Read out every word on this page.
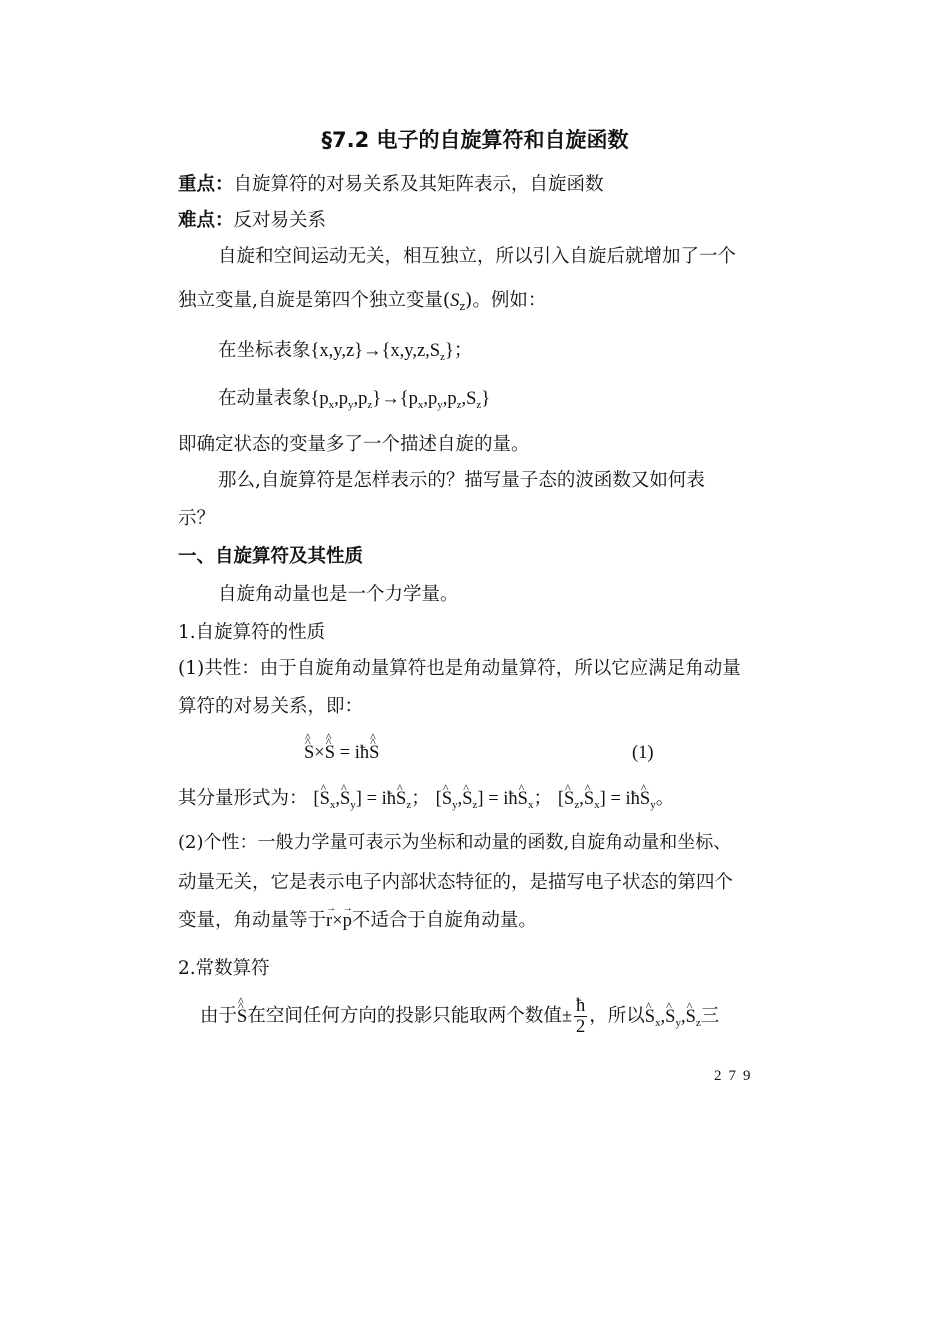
§7.2 电子的自旋算符和自旋函数
重点：自旋算符的对易关系及其矩阵表示，自旋函数
难点：反对易关系
自旋和空间运动无关，相互独立，所以引入自旋后就增加了一个
独立变量,自旋是第四个独立变量$(S_z)$。例如：
在坐标表象$\{x,y,z\}\to\{x,y,z,S_z\}$；
在动量表象$\{p_x,p_y,p_z\}\to\{p_x,p_y,p_z,S_z\}$
即确定状态的变量多了一个描述自旋的量。
那么,自旋算符是怎样表示的？描写量子态的波函数又如何表
示？
一、自旋算符及其性质
自旋角动量也是一个力学量。
1.自旋算符的性质
(1)共性：由于自旋角动量算符也是角动量算符，所以它应满足角动量
算符的对易关系，即：
^ S ^×^ S ^ = iħ^ S ^	(1)
其分量形式为： [^ $S_x,\^{}$ $S_y$] = iħ^ $S_z$； [^ $S_y,\^{}$ $S_z$] = iħ^ $S_x$； [^ $S_z,\^{}$ $S_x$] = iħ^ $S_y$。
(2)个性：一般力学量可表示为坐标和动量的函数,自旋角动量和坐标、
动量无关，它是表示电子内部状态特征的，是描写电子状态的第四个
变量，角动量等于→ r×→ p不适合于自旋角动量。
2.常数算符
由于^ S ^在空间任何方向的投影只能取两个数值± $\frac{ħ}{2}$ ，所以^ $S_x,\^{}$ $S_y,\^{}$ $S_z$三
279
